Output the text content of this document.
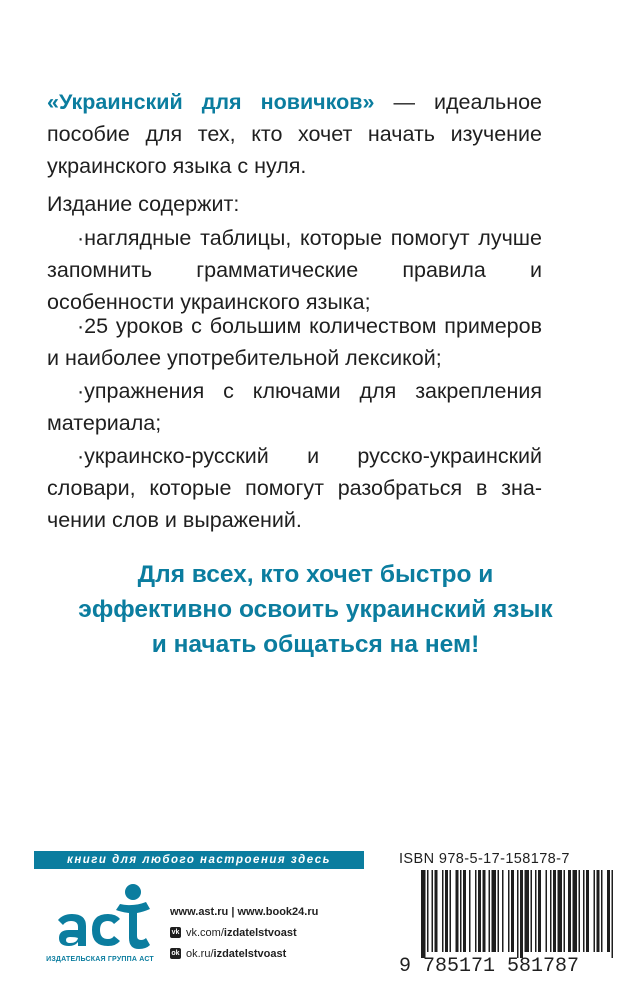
«Украинский для новичков» — идеальное пособие для тех, кто хочет начать изучение украинского языка с нуля.
Издание содержит:
·наглядные таблицы, которые помогут лучше запомнить грамматические правила и особенности украинского языка;
·25 уроков с большим количеством примеров и наиболее употребительной лексикой;
·упражнения с ключами для закрепления материала;
·украинско-русский и русско-украинский словари, которые помогут разобраться в значении слов и выражений.
Для всех, кто хочет быстро и
эффективно освоить украинский язык
и начать общаться на нем!
книги для любого настроения здесь
ИЗДАТЕЛЬСКАЯ ГРУППА АСТ
www.ast.ru | www.book24.ru
vk vk.com/ izdatelstvoast
ok ok.ru/ izdatelstvoast
ISBN 978-5-17-158178-7
9 785171 581787
